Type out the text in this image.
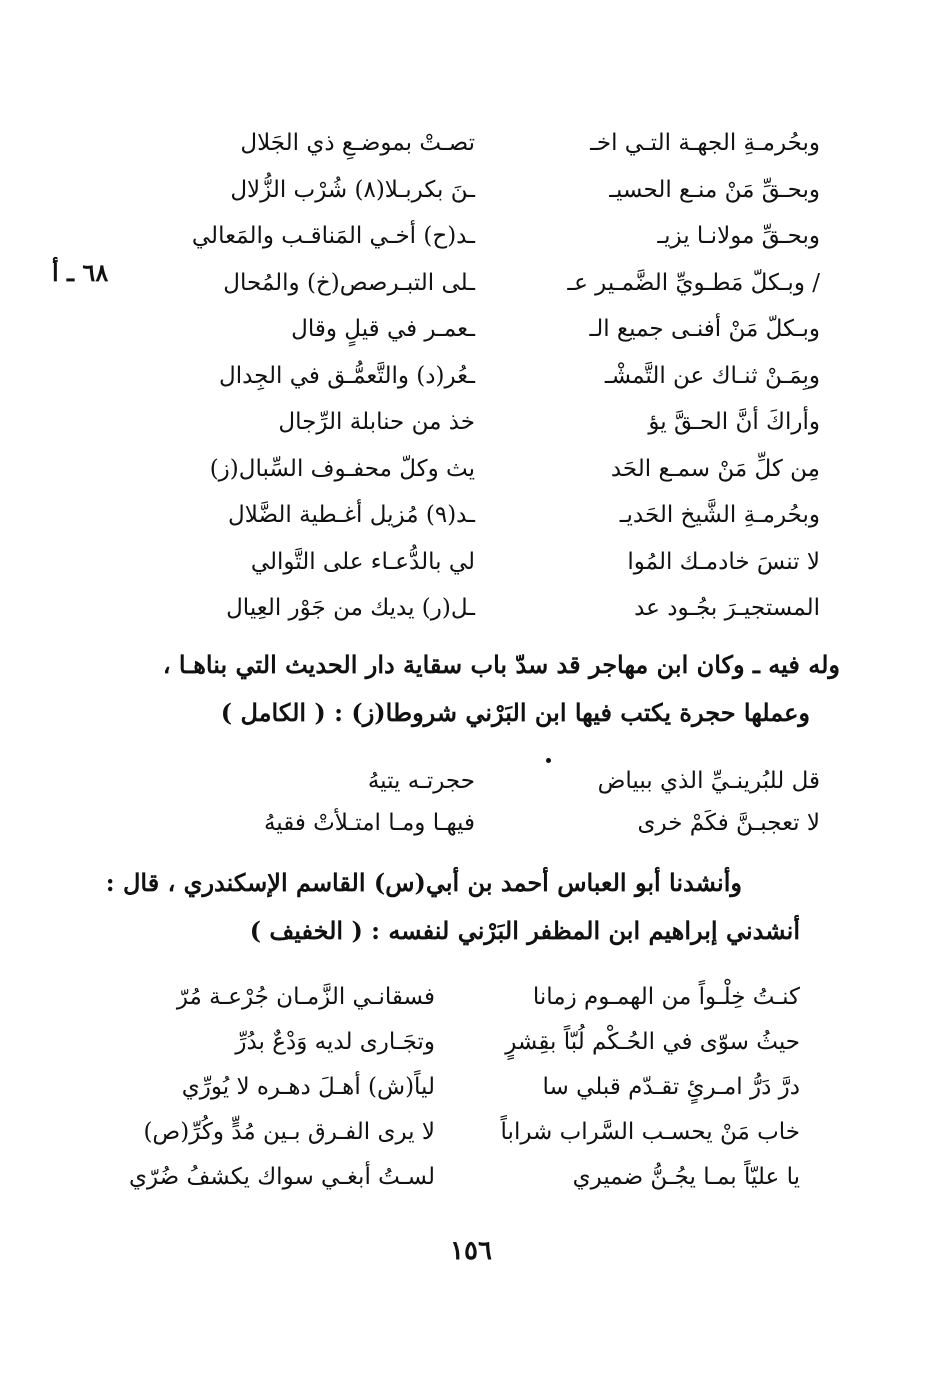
٦٨ ـ أ
وبحُرمـةِ الجهـة التـي اخـ
تصـتْ بموضـعِ ذي الجَلال
وبحـقِّ مَنْ منـع الحسيـ
ـنَ بكربـلا(٨) شُرْب الزُّلال
وبحـقِّ مولانـا يزيـ
ـد(ح) أخـي المَناقـب والمَعالي
/ وبـكلّ مَطـويِّ الضَّمـير عـ
ـلى التبـرصص(خ) والمُحال
وبـكلّ مَنْ أفنـى جميع الـ
ـعمـر في قيلٍ وقال
وبِمَـنْ ثنـاك عن التَّمشْـ
ـعُر(د) والتَّعمُّـق في الجِدال
وأراكَ أنَّ الحـقَّ يؤ
خذ من حنابلة الرِّجال
مِن كلِّ مَنْ سمـع الحَد
يث وكلّ محفـوف السِّبال(ز)
وبحُرمـةِ الشَّيخ الحَديـ
ـد(٩) مُزيل أغـطية الضَّلال
لا تنسَ خادمـك المُوا
لي بالدُّعـاء على التَّوالي
المستجيـرَ بجُـود عد
ـل(ر) يديك من جَوْر العِيال
وله فيه ـ وكان ابن مهاجر قد سدّ باب سقاية دار الحديث التي بناهـا ،
وعملها حجرة يكتب فيها ابن البَرْني شروطا(ز) : ( الكامل )
قل للبُرينـيِّ الذي ببياض
حجرتـه يتيهُ
لا تعجبـنَّ فكَمْ خرى
فيهـا ومـا امتـلأتْ فقيهُ
وأنشدنا أبو العباس أحمد بن أبي(س) القاسم الإسكندري ، قال :
أنشدني إبراهيم ابن المظفر البَرْني لنفسه : ( الخفيف )
كنـتُ خِلْـواً من الهمـوم زمانا
فسقانـي الزَّمـان جُرْعـة مُرّ
حيثُ سوّى في الحُـكْم لُبّاً بقِشرٍ
وتجَـارى لديه وَدْعٌ بدُرِّ
درَّ دَرُّ امـرئٍ تقـدّم قبلي سا
لياً(ش) أهـلَ دهـره لا يُورِّي
خاب مَنْ يحسـب السَّراب شراباً
لا يرى الفـرق بـين مُدٍّ وكُرِّ(ص)
يا عليّاً بمـا يجُـنُّ ضميري
لسـتُ أبغـي سواك يكشفُ ضُرّي
١٥٦
